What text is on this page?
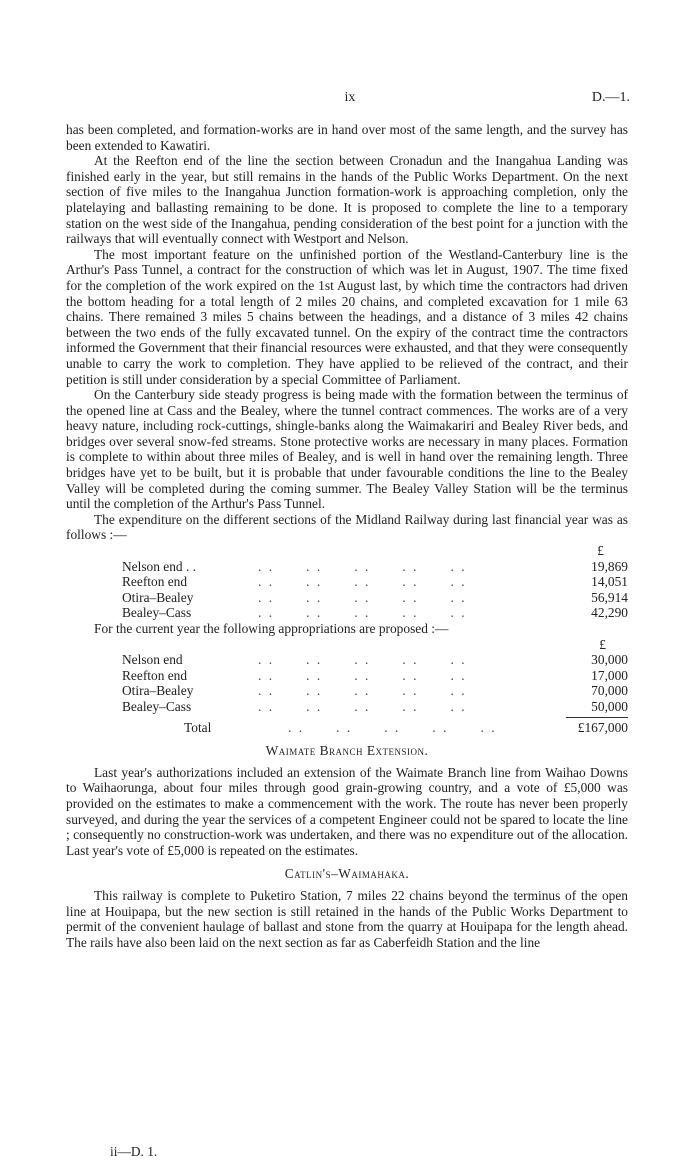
ix	D.—1.

has been completed, and formation-works are in hand over most of the same length, and the survey has been extended to Kawatiri.

At the Reefton end of the line the section between Cronadun and the Inangahua Landing was finished early in the year, but still remains in the hands of the Public Works Department. On the next section of five miles to the Inangahua Junction formation-work is approaching completion, only the platelaying and ballasting remaining to be done. It is proposed to complete the line to a temporary station on the west side of the Inangahua, pending consideration of the best point for a junction with the railways that will eventually connect with Westport and Nelson.

The most important feature on the unfinished portion of the Westland-Canterbury line is the Arthur's Pass Tunnel, a contract for the construction of which was let in August, 1907. The time fixed for the completion of the work expired on the 1st August last, by which time the contractors had driven the bottom heading for a total length of 2 miles 20 chains, and completed excavation for 1 mile 63 chains. There remained 3 miles 5 chains between the headings, and a distance of 3 miles 42 chains between the two ends of the fully excavated tunnel. On the expiry of the contract time the contractors informed the Government that their financial resources were exhausted, and that they were consequently unable to carry the work to completion. They have applied to be relieved of the contract, and their petition is still under consideration by a special Committee of Parliament.

On the Canterbury side steady progress is being made with the formation between the terminus of the opened line at Cass and the Bealey, where the tunnel contract commences. The works are of a very heavy nature, including rock-cuttings, shingle-banks along the Waimakariri and Bealey River beds, and bridges over several snow-fed streams. Stone protective works are necessary in many places. Formation is complete to within about three miles of Bealey, and is well in hand over the remaining length. Three bridges have yet to be built, but it is probable that under favourable conditions the line to the Bealey Valley will be completed during the coming summer. The Bealey Valley Station will be the terminus until the completion of the Arthur's Pass Tunnel.

The expenditure on the different sections of the Midland Railway during last financial year was as follows :—

£
Nelson end . .	. .      . .      . .      . .      . .	19,869
Reefton end	. .      . .      . .      . .      . .	14,051
Otira–Bealey	. .      . .      . .      . .      . .	56,914
Bealey–Cass	. .      . .      . .      . .      . .	42,290

For the current year the following appropriations are proposed :—

£
Nelson end	. .      . .      . .      . .      . .	30,000
Reefton end	. .      . .      . .      . .      . .	17,000
Otira–Bealey	. .      . .      . .      . .      . .	70,000
Bealey–Cass	. .      . .      . .      . .      . .	50,000
Total	. .      . .      . .      . .      . .	£167,000
Waimate Branch Extension.

Last year's authorizations included an extension of the Waimate Branch line from Waihao Downs to Waihaorunga, about four miles through good grain-growing country, and a vote of £5,000 was provided on the estimates to make a commencement with the work. The route has never been properly surveyed, and during the year the services of a competent Engineer could not be spared to locate the line ; consequently no construction-work was undertaken, and there was no expenditure out of the allocation. Last year's vote of £5,000 is repeated on the estimates.

Catlin's–Waimahaka.

This railway is complete to Puketiro Station, 7 miles 22 chains beyond the terminus of the open line at Houipapa, but the new section is still retained in the hands of the Public Works Department to permit of the convenient haulage of ballast and stone from the quarry at Houipapa for the length ahead. The rails have also been laid on the next section as far as Caberfeidh Station and the line

ii—D. 1.
